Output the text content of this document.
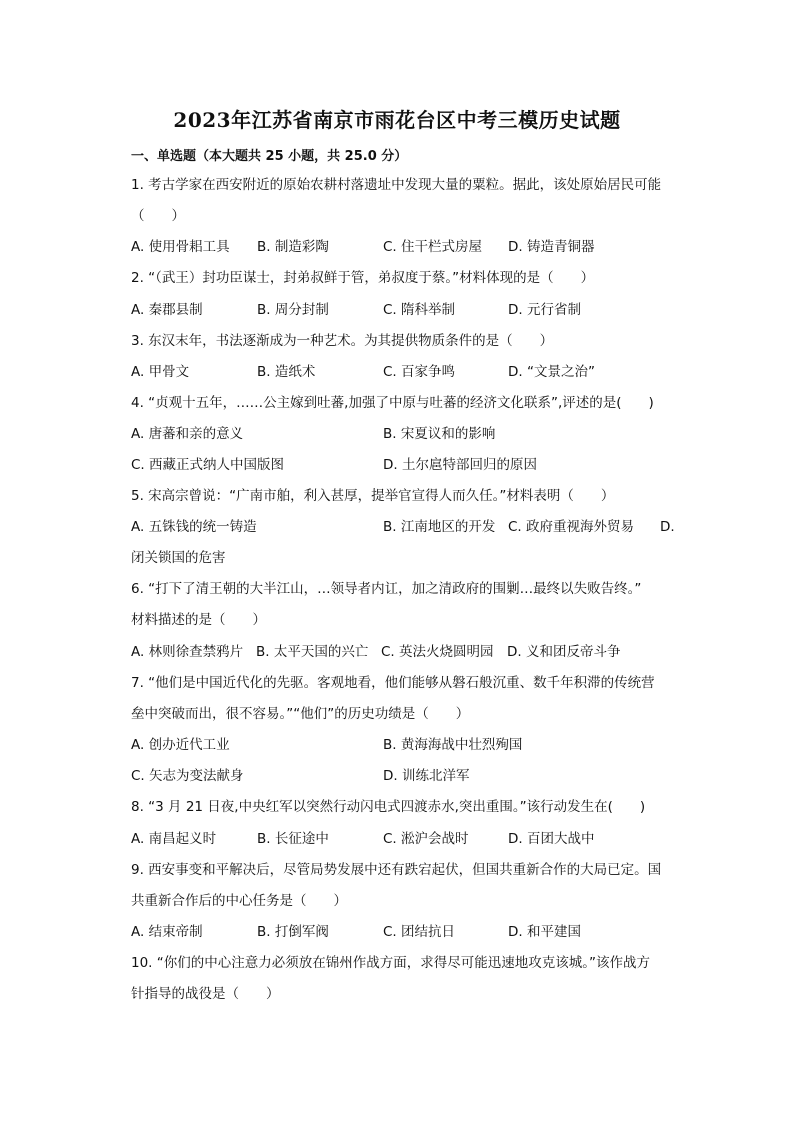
2023年江苏省南京市雨花台区中考三模历史试题
一、单选题（本大题共 25 小题，共 25.0 分）
1. 考古学家在西安附近的原始农耕村落遗址中发现大量的粟粒。据此，该处原始居民可能
（　　）
A. 使用骨耜工具 B. 制造彩陶	C. 住干栏式房屋 D. 铸造青铜器
2. “（武王）封功臣谋士，封弟叔鲜于管，弟叔度于蔡。”材料体现的是（　　）
A. 秦郡县制	B. 周分封制	C. 隋科举制	D. 元行省制
3. 东汉末年，书法逐渐成为一种艺术。为其提供物质条件的是（　　）
A. 甲骨文	B. 造纸术	C. 百家争鸣	D. “文景之治”
4. “贞观十五年，……公主嫁到吐蕃,加强了中原与吐蕃的经济文化联系”,评述的是(　　)
A. 唐蕃和亲的意义	B. 宋夏议和的影响
C. 西藏正式纳人中国版图	D. 土尔扈特部回归的原因
5. 宋高宗曾说：“广南市舶，利入甚厚，提举官宣得人而久任。”材料表明（　　）
A. 五铢钱的统一铸造	B. 江南地区的开发 C. 政府重视海外贸易 D.
闭关锁国的危害
6. “打下了清王朝的大半江山，…领导者内讧，加之清政府的围剿…最终以失败告终。”
材料描述的是（　　）
A. 林则徐查禁鸦片 B. 太平天国的兴亡 C. 英法火烧圆明园 D. 义和团反帝斗争
7. “他们是中国近代化的先驱。客观地看，他们能够从磐石般沉重、数千年积滞的传统营
垒中突破而出，很不容易。”“他们”的历史功绩是（　　）
A. 创办近代工业	B. 黄海海战中壮烈殉国
C. 矢志为变法献身	D. 训练北洋军
8. “3 月 21 日夜,中央红军以突然行动闪电式四渡赤水,突出重围。”该行动发生在(　　)
A. 南昌起义时	B. 长征途中	C. 淞沪会战时	D. 百团大战中
9. 西安事变和平解决后，尽管局势发展中还有跌宕起伏，但国共重新合作的大局已定。国
共重新合作后的中心任务是（　　）
A. 结束帝制	B. 打倒军阀	C. 团结抗日	D. 和平建国
10. “你们的中心注意力必须放在锦州作战方面，求得尽可能迅速地攻克该城。”该作战方
针指导的战役是（　　）
